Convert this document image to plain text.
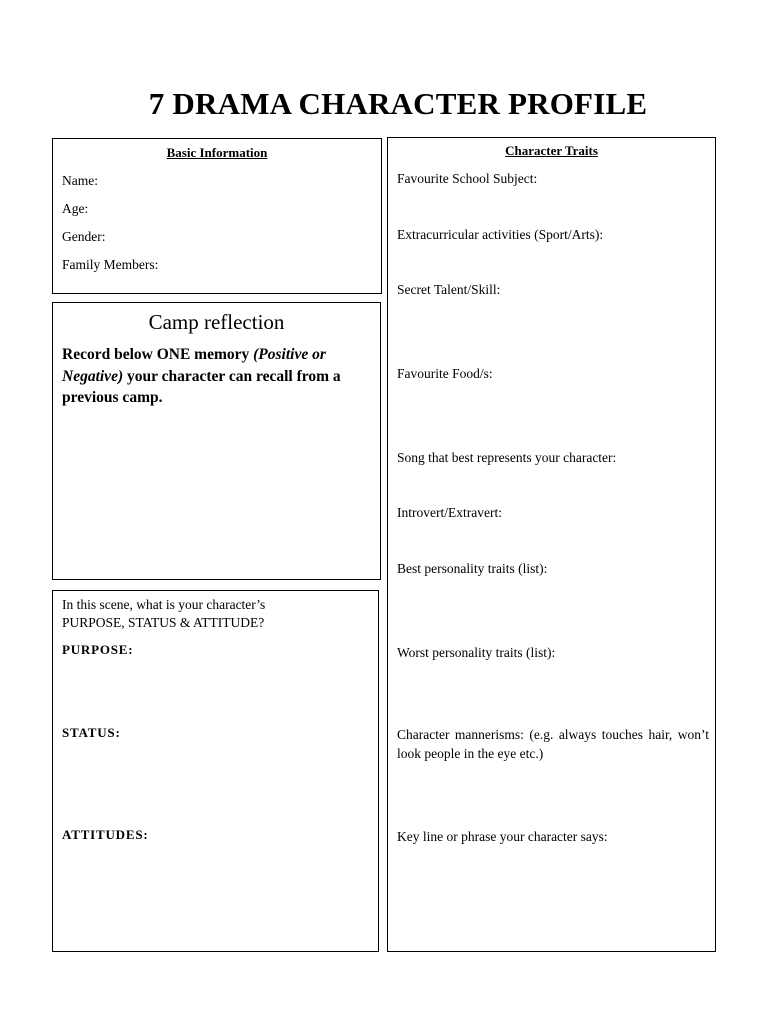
7 DRAMA CHARACTER PROFILE
Basic Information
Name:
Age:
Gender:
Family Members:
Camp reflection
Record below ONE memory (Positive or Negative) your character can recall from a previous camp.
In this scene, what is your character’s
PURPOSE, STATUS & ATTITUDE?
PURPOSE:
STATUS:
ATTITUDES:
Character Traits
Favourite School Subject:
Extracurricular activities (Sport/Arts):
Secret Talent/Skill:
Favourite Food/s:
Song that best represents your character:
Introvert/Extravert:
Best personality traits (list):
Worst personality traits (list):
Character mannerisms: (e.g. always touches hair, won’t look people in the eye etc.)
Key line or phrase your character says:
